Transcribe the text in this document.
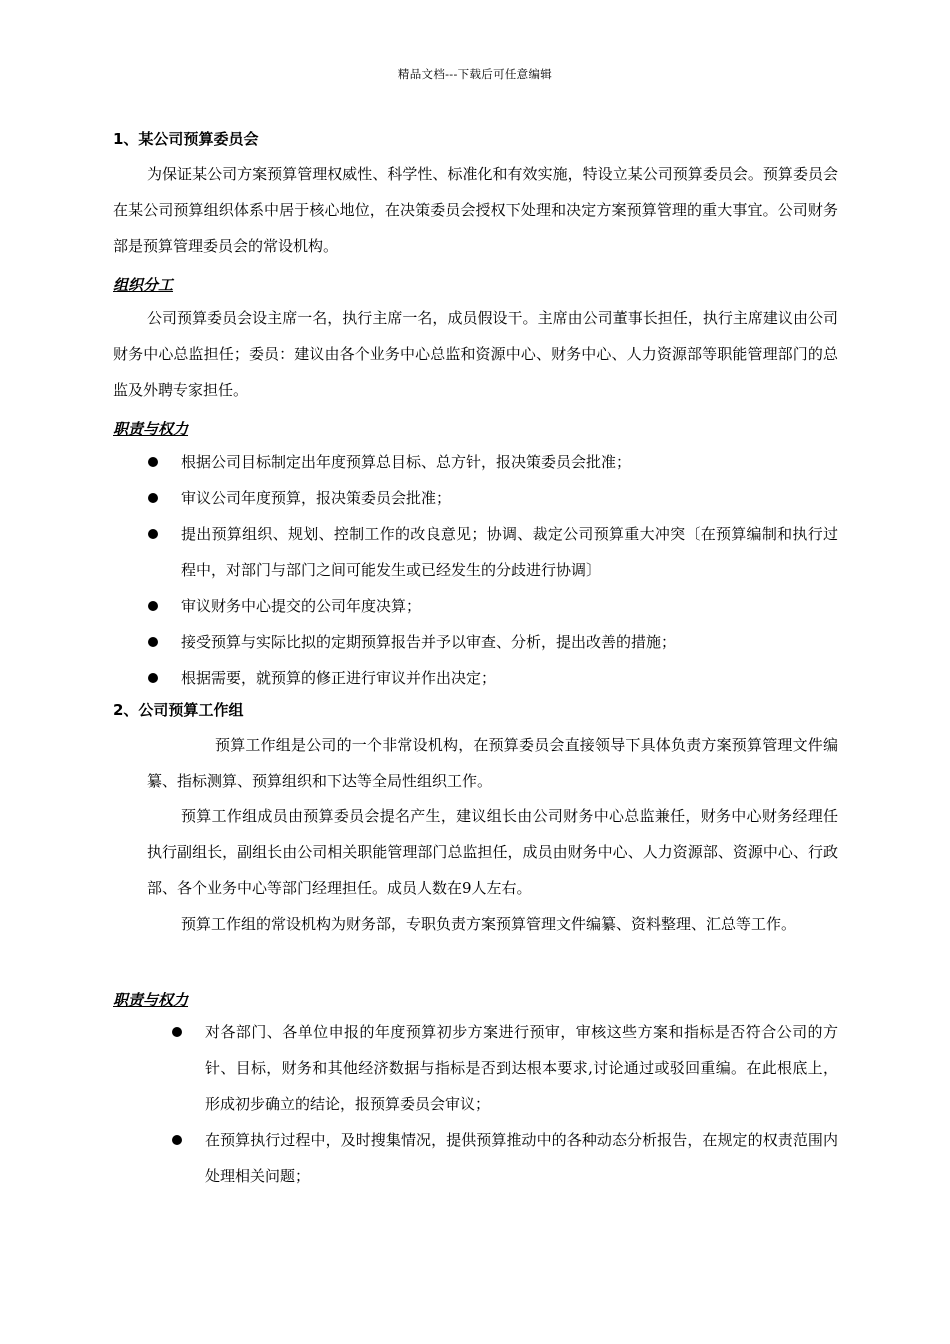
精品文档---下载后可任意编辑
1、某公司预算委员会
为保证某公司方案预算管理权威性、科学性、标准化和有效实施，特设立某公司预算委员会。预算委员会在某公司预算组织体系中居于核心地位，在决策委员会授权下处理和决定方案预算管理的重大事宜。公司财务部是预算管理委员会的常设机构。
组织分工
公司预算委员会设主席一名，执行主席一名，成员假设干。主席由公司董事长担任，执行主席建议由公司财务中心总监担任；委员：建议由各个业务中心总监和资源中心、财务中心、人力资源部等职能管理部门的总监及外聘专家担任。
职责与权力
根据公司目标制定出年度预算总目标、总方针，报决策委员会批准；
审议公司年度预算，报决策委员会批准；
提出预算组织、规划、控制工作的改良意见；协调、裁定公司预算重大冲突〔在预算编制和执行过程中，对部门与部门之间可能发生或已经发生的分歧进行协调〕
审议财务中心提交的公司年度决算；
接受预算与实际比拟的定期预算报告并予以审查、分析，提出改善的措施；
根据需要，就预算的修正进行审议并作出决定；
2、公司预算工作组
预算工作组是公司的一个非常设机构，在预算委员会直接领导下具体负责方案预算管理文件编纂、指标测算、预算组织和下达等全局性组织工作。
预算工作组成员由预算委员会提名产生，建议组长由公司财务中心总监兼任，财务中心财务经理任执行副组长，副组长由公司相关职能管理部门总监担任，成员由财务中心、人力资源部、资源中心、行政部、各个业务中心等部门经理担任。成员人数在9人左右。
预算工作组的常设机构为财务部，专职负责方案预算管理文件编纂、资料整理、汇总等工作。
职责与权力
对各部门、各单位申报的年度预算初步方案进行预审，审核这些方案和指标是否符合公司的方针、目标，财务和其他经济数据与指标是否到达根本要求,讨论通过或驳回重编。在此根底上，形成初步确立的结论，报预算委员会审议；
在预算执行过程中，及时搜集情况，提供预算推动中的各种动态分析报告，在规定的权责范围内处理相关问题；
